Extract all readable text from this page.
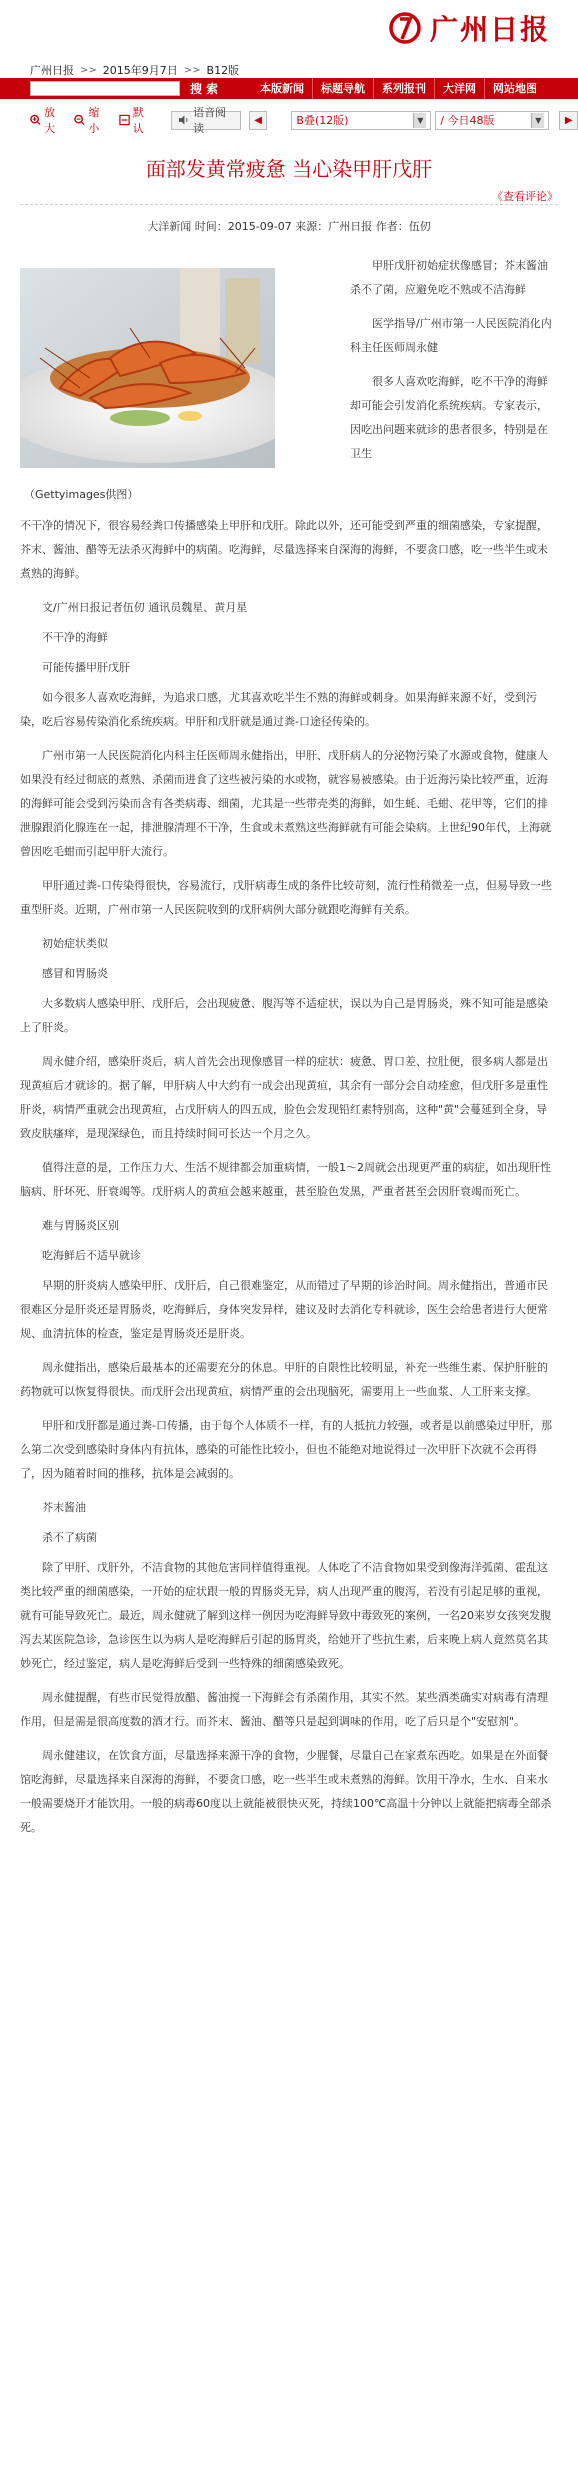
广州日报
广州日报 >> 2015年9月7日 >> B12版
搜 索	本版新闻	标题导航	系列报刊	大洋网	网站地图
放大
缩小
默认
语音阅读
◀	B叠(12版)	▼ / 今日48版	▼	▶
面部发黄常疲惫 当心染甲肝戊肝
《查看评论》
大洋新闻 时间：2015-09-07 来源：广州日报 作者：伍仞
（Gettyimages供图）

甲肝戊肝初始症状像感冒；芥末酱油杀不了菌，应避免吃不熟或不洁海鲜

医学指导/广州市第一人民医院消化内科主任医师周永健

很多人喜欢吃海鲜，吃不干净的海鲜却可能会引发消化系统疾病。专家表示，因吃出问题来就诊的患者很多，特别是在卫生

不干净的情况下，很容易经粪口传播感染上甲肝和戊肝。除此以外，还可能受到严重的细菌感染，专家提醒，芥末、酱油、醋等无法杀灭海鲜中的病菌。吃海鲜，尽量选择来自深海的海鲜，不要贪口感，吃一些半生或未煮熟的海鲜。

文/广州日报记者伍仞 通讯员魏星、黄月星

不干净的海鲜

可能传播甲肝戊肝

如今很多人喜欢吃海鲜，为追求口感，尤其喜欢吃半生不熟的海鲜或刺身。如果海鲜来源不好，受到污染，吃后容易传染消化系统疾病。甲肝和戊肝就是通过粪-口途径传染的。

广州市第一人民医院消化内科主任医师周永健指出，甲肝、戊肝病人的分泌物污染了水源或食物，健康人如果没有经过彻底的煮熟、杀菌而进食了这些被污染的水或物，就容易被感染。由于近海污染比较严重，近海的海鲜可能会受到污染而含有各类病毒、细菌，尤其是一些带壳类的海鲜，如生蚝、毛蚶、花甲等，它们的排泄腺跟消化腺连在一起，排泄腺清理不干净，生食或未煮熟这些海鲜就有可能会染病。上世纪90年代，上海就曾因吃毛蚶而引起甲肝大流行。

甲肝通过粪-口传染得很快，容易流行，戊肝病毒生成的条件比较苛刻，流行性稍微差一点，但易导致一些重型肝炎。近期，广州市第一人民医院收到的戊肝病例大部分就跟吃海鲜有关系。

初始症状类似

感冒和胃肠炎

大多数病人感染甲肝、戊肝后，会出现疲惫、腹泻等不适症状，误以为自己是胃肠炎，殊不知可能是感染上了肝炎。

周永健介绍，感染肝炎后，病人首先会出现像感冒一样的症状：疲惫、胃口差、拉肚便，很多病人都是出现黄疸后才就诊的。据了解，甲肝病人中大约有一成会出现黄疸，其余有一部分会自动痊愈，但戊肝多是重性肝炎，病情严重就会出现黄疸，占戊肝病人的四五成，脸色会发现铅红素特别高，这种"黄"会蔓延到全身，导致皮肤瘙痒，是现深绿色，而且持续时间可长达一个月之久。

值得注意的是，工作压力大、生活不规律都会加重病情，一般1～2周就会出现更严重的病症，如出现肝性脑病、肝坏死、肝衰竭等。戊肝病人的黄疸会越来越重，甚至脸色发黑，严重者甚至会因肝衰竭而死亡。

难与胃肠炎区别

吃海鲜后不适早就诊

早期的肝炎病人感染甲肝、戊肝后，自己很难鉴定，从而错过了早期的诊治时间。周永健指出，普通市民很难区分是肝炎还是胃肠炎，吃海鲜后，身体突发异样，建议及时去消化专科就诊，医生会给患者进行大便常规、血清抗体的检查，鉴定是胃肠炎还是肝炎。

周永健指出，感染后最基本的还需要充分的休息。甲肝的自限性比较明显，补充一些维生素、保护肝脏的药物就可以恢复得很快。而戊肝会出现黄疸，病情严重的会出现脑死，需要用上一些血浆、人工肝来支撑。

甲肝和戊肝都是通过粪-口传播，由于每个人体质不一样，有的人抵抗力较强，或者是以前感染过甲肝，那么第二次受到感染时身体内有抗体，感染的可能性比较小，但也不能绝对地说得过一次甲肝下次就不会再得了，因为随着时间的推移，抗体是会减弱的。

芥末酱油

杀不了病菌

除了甲肝、戊肝外，不洁食物的其他危害同样值得重视。人体吃了不洁食物如果受到像海洋弧菌、霍乱这类比较严重的细菌感染，一开始的症状跟一般的胃肠炎无异，病人出现严重的腹泻，若没有引起足够的重视，就有可能导致死亡。最近，周永健就了解到这样一例因为吃海鲜导致中毒致死的案例，一名20来岁女孩突发腹泻去某医院急诊，急诊医生以为病人是吃海鲜后引起的肠胃炎，给她开了些抗生素，后来晚上病人竟然莫名其妙死亡，经过鉴定，病人是吃海鲜后受到一些特殊的细菌感染致死。

周永健提醒，有些市民觉得放醋、酱油搅一下海鲜会有杀菌作用，其实不然。某些酒类确实对病毒有清理作用，但是需是很高度数的酒才行。而芥末、酱油、醋等只是起到调味的作用，吃了后只是个"安慰剂"。

周永健建议，在饮食方面，尽量选择来源干净的食物，少腥餐，尽量自己在家煮东西吃。如果是在外面餐馆吃海鲜，尽量选择来自深海的海鲜，不要贪口感，吃一些半生或未煮熟的海鲜。饮用干净水，生水、自来水一般需要烧开才能饮用。一般的病毒60度以上就能被很快灭死，持续100℃高温十分钟以上就能把病毒全部杀死。
